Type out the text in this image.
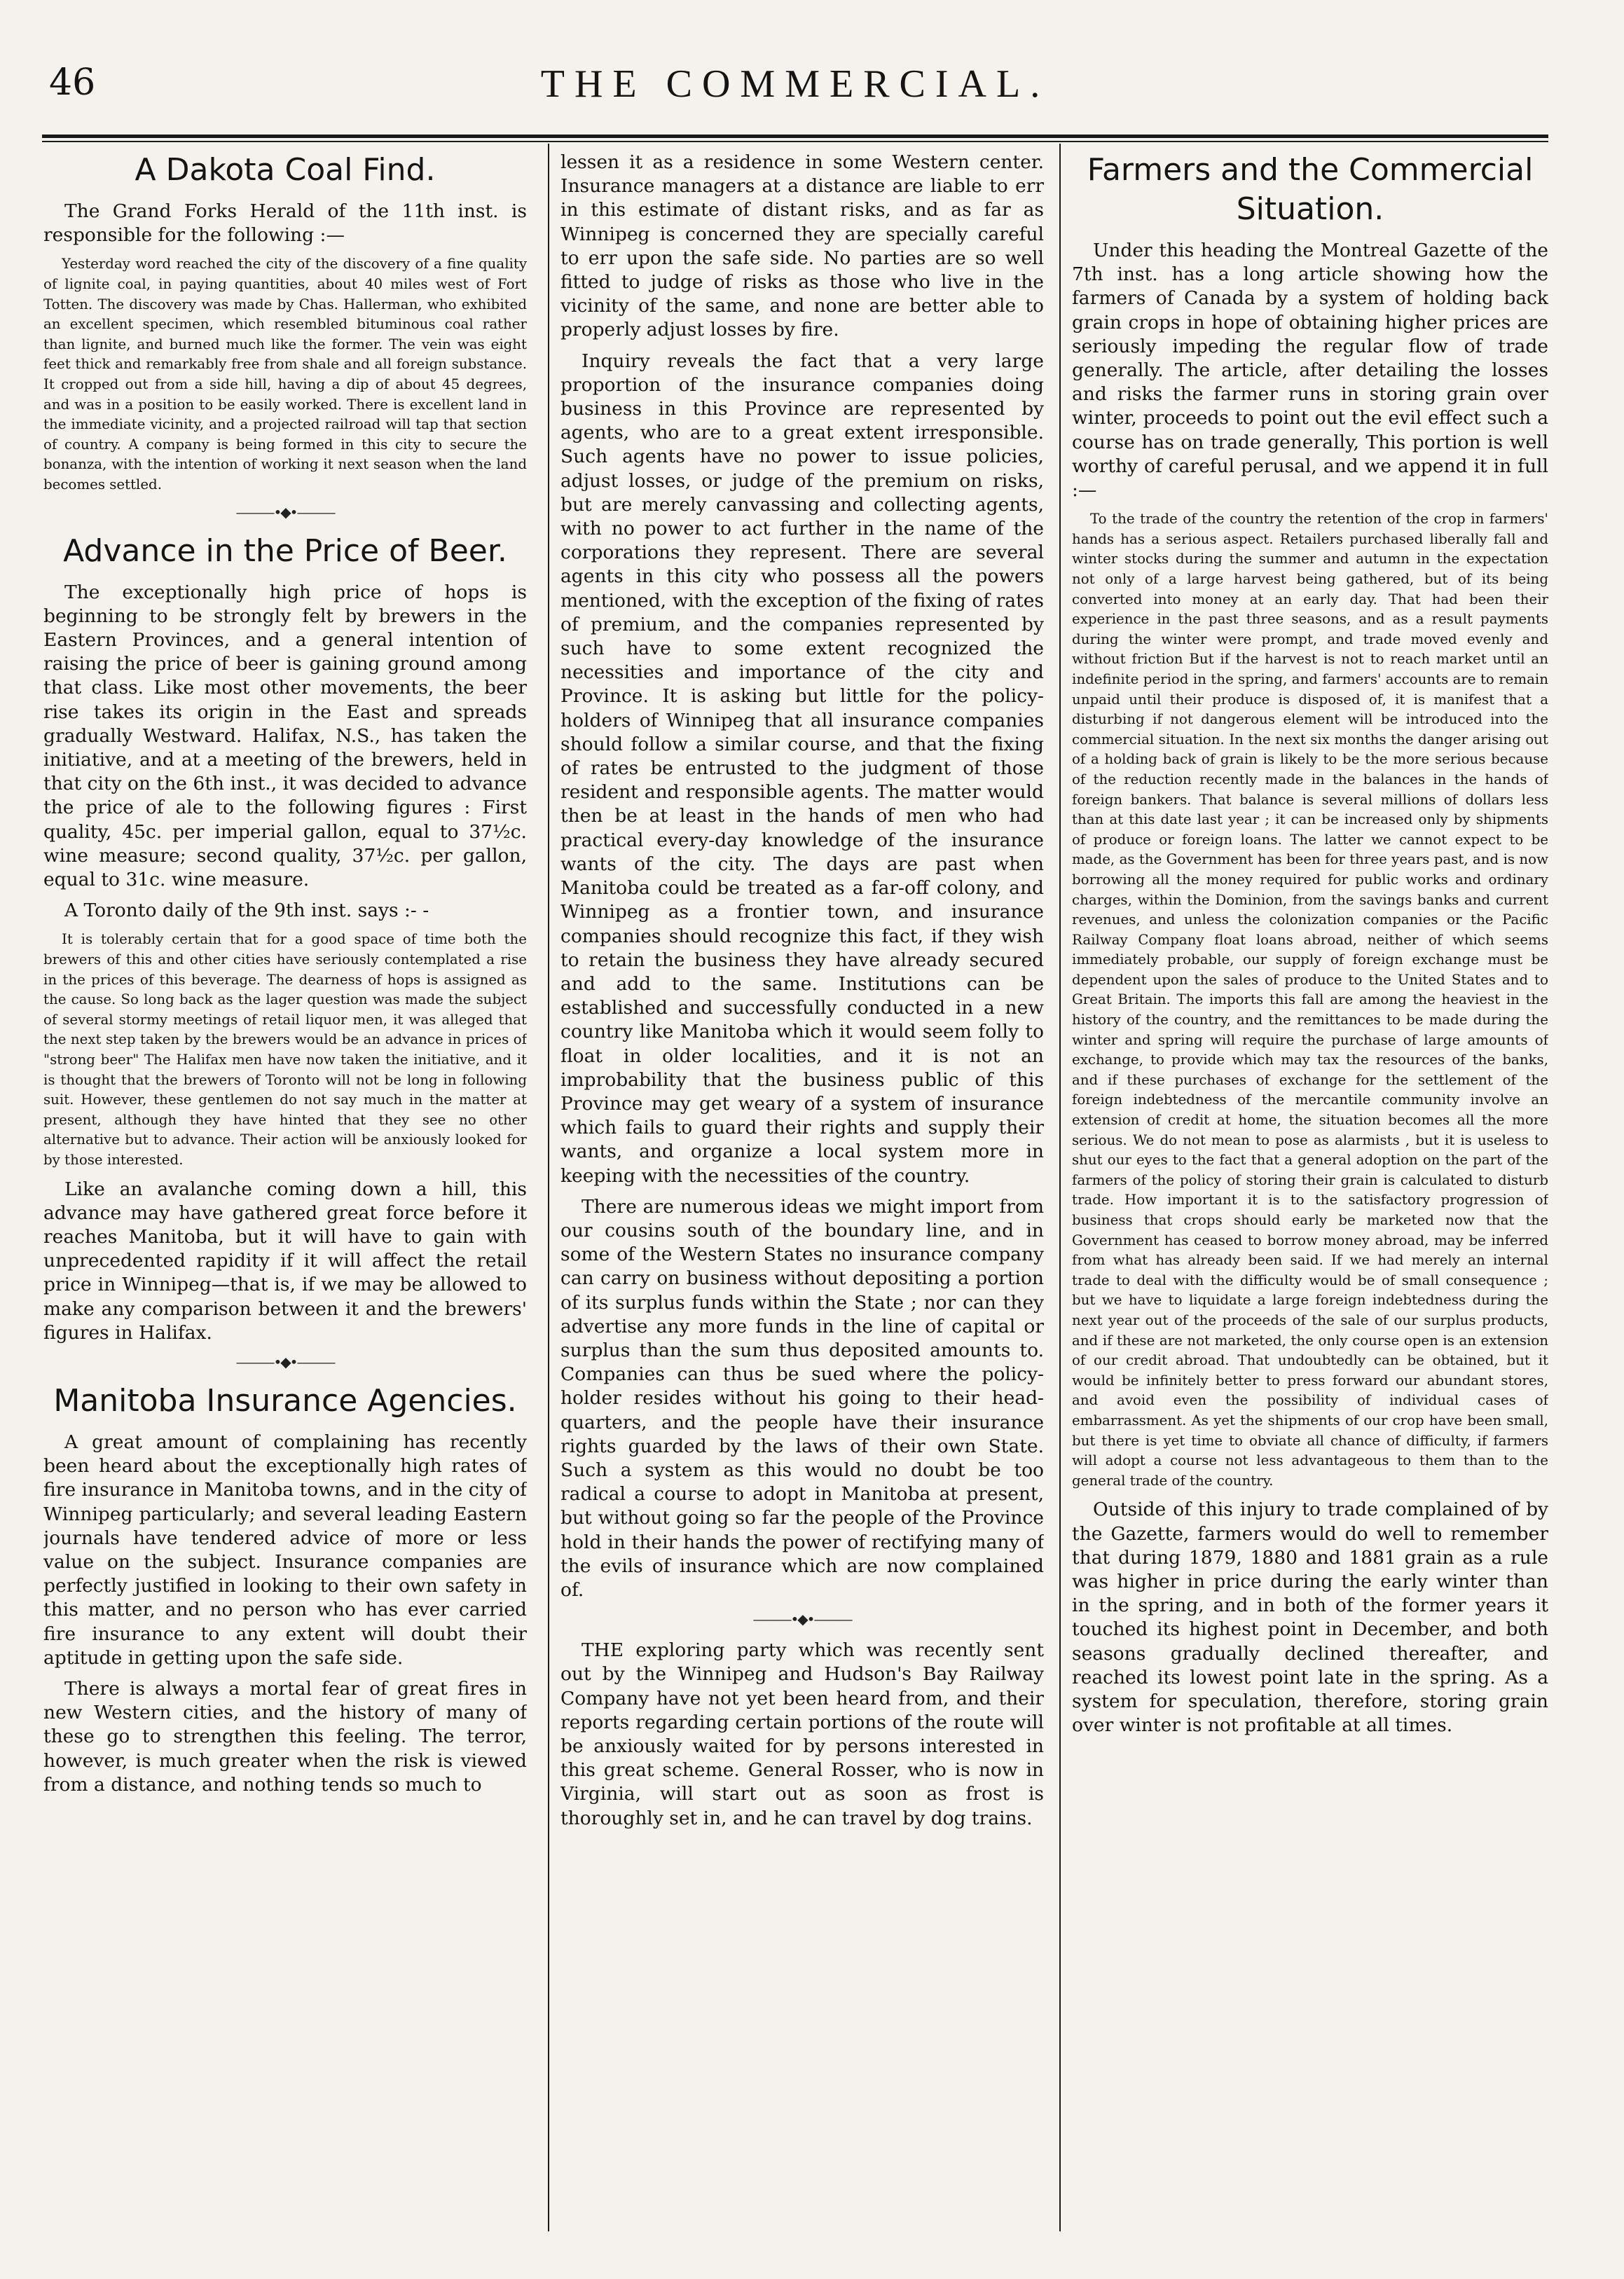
46	THE COMMERCIAL.
A Dakota Coal Find.

The Grand Forks Herald of the 11th inst. is responsible for the following :—

Yesterday word reached the city of the discovery of a fine quality of lignite coal, in paying quantities, about 40 miles west of Fort Totten. The discovery was made by Chas. Hallerman, who exhibited an excellent specimen, which resembled bituminous coal rather than lignite, and burned much like the former. The vein was eight feet thick and remarkably free from shale and all foreign substance. It cropped out from a side hill, having a dip of about 45 degrees, and was in a position to be easily worked. There is excellent land in the immediate vicinity, and a projected railroad will tap that section of country. A company is being formed in this city to secure the bonanza, with the intention of working it next season when the land becomes settled.

———•◆•———
Advance in the Price of Beer.

The exceptionally high price of hops is beginning to be strongly felt by brewers in the Eastern Provinces, and a general intention of raising the price of beer is gaining ground among that class. Like most other movements, the beer rise takes its origin in the East and spreads gradually Westward. Halifax, N.S., has taken the initiative, and at a meeting of the brewers, held in that city on the 6th inst., it was decided to advance the price of ale to the following figures : First quality, 45c. per imperial gallon, equal to 37½c. wine measure; second quality, 37½c. per gallon, equal to 31c. wine measure.

A Toronto daily of the 9th inst. says :- -

It is tolerably certain that for a good space of time both the brewers of this and other cities have seriously contemplated a rise in the prices of this beverage. The dearness of hops is assigned as the cause. So long back as the lager question was made the subject of several stormy meetings of retail liquor men, it was alleged that the next step taken by the brewers would be an advance in prices of "strong beer" The Halifax men have now taken the initiative, and it is thought that the brewers of Toronto will not be long in following suit. However, these gentlemen do not say much in the matter at present, although they have hinted that they see no other alternative but to advance. Their action will be anxiously looked for by those interested.

Like an avalanche coming down a hill, this advance may have gathered great force before it reaches Manitoba, but it will have to gain with unprecedented rapidity if it will affect the retail price in Winnipeg—that is, if we may be allowed to make any comparison between it and the brewers' figures in Halifax.

———•◆•———
Manitoba Insurance Agencies.

A great amount of complaining has recently been heard about the exceptionally high rates of fire insurance in Manitoba towns, and in the city of Winnipeg particularly; and several leading Eastern journals have tendered advice of more or less value on the subject. Insurance companies are perfectly justified in looking to their own safety in this matter, and no person who has ever carried fire insurance to any extent will doubt their aptitude in getting upon the safe side.

There is always a mortal fear of great fires in new Western cities, and the history of many of these go to strengthen this feeling. The terror, however, is much greater when the risk is viewed from a distance, and nothing tends so much to

lessen it as a residence in some Western center. Insurance managers at a distance are liable to err in this estimate of distant risks, and as far as Winnipeg is concerned they are specially careful to err upon the safe side. No parties are so well fitted to judge of risks as those who live in the vicinity of the same, and none are better able to properly adjust losses by fire.

Inquiry reveals the fact that a very large proportion of the insurance companies doing business in this Province are represented by agents, who are to a great extent irresponsible. Such agents have no power to issue policies, adjust losses, or judge of the premium on risks, but are merely canvassing and collecting agents, with no power to act further in the name of the corporations they represent. There are several agents in this city who possess all the powers mentioned, with the exception of the fixing of rates of premium, and the companies represented by such have to some extent recognized the necessities and importance of the city and Province. It is asking but little for the policy-holders of Winnipeg that all insurance companies should follow a similar course, and that the fixing of rates be entrusted to the judgment of those resident and responsible agents. The matter would then be at least in the hands of men who had practical every-day knowledge of the insurance wants of the city. The days are past when Manitoba could be treated as a far-off colony, and Winnipeg as a frontier town, and insurance companies should recognize this fact, if they wish to retain the business they have already secured and add to the same. Institutions can be established and successfully conducted in a new country like Manitoba which it would seem folly to float in older localities, and it is not an improbability that the business public of this Province may get weary of a system of insurance which fails to guard their rights and supply their wants, and organize a local system more in keeping with the necessities of the country.

There are numerous ideas we might import from our cousins south of the boundary line, and in some of the Western States no insurance company can carry on business without depositing a portion of its surplus funds within the State ; nor can they advertise any more funds in the line of capital or surplus than the sum thus deposited amounts to. Companies can thus be sued where the policy-holder resides without his going to their head-quarters, and the people have their insurance rights guarded by the laws of their own State. Such a system as this would no doubt be too radical a course to adopt in Manitoba at present, but without going so far the people of the Province hold in their hands the power of rectifying many of the evils of insurance which are now complained of.

———•◆•———

THE exploring party which was recently sent out by the Winnipeg and Hudson's Bay Railway Company have not yet been heard from, and their reports regarding certain portions of the route will be anxiously waited for by persons interested in this great scheme. General Rosser, who is now in Virginia, will start out as soon as frost is thoroughly set in, and he can travel by dog trains.

Farmers and the Commercial Situation.

Under this heading the Montreal Gazette of the 7th inst. has a long article showing how the farmers of Canada by a system of holding back grain crops in hope of obtaining higher prices are seriously impeding the regular flow of trade generally. The article, after detailing the losses and risks the farmer runs in storing grain over winter, proceeds to point out the evil effect such a course has on trade generally, This portion is well worthy of careful perusal, and we append it in full :—

To the trade of the country the retention of the crop in farmers' hands has a serious aspect. Retailers purchased liberally fall and winter stocks during the summer and autumn in the expectation not only of a large harvest being gathered, but of its being converted into money at an early day. That had been their experience in the past three seasons, and as a result payments during the winter were prompt, and trade moved evenly and without friction But if the harvest is not to reach market until an indefinite period in the spring, and farmers' accounts are to remain unpaid until their produce is disposed of, it is manifest that a disturbing if not dangerous element will be introduced into the commercial situation. In the next six months the danger arising out of a holding back of grain is likely to be the more serious because of the reduction recently made in the balances in the hands of foreign bankers. That balance is several millions of dollars less than at this date last year ; it can be increased only by shipments of produce or foreign loans. The latter we cannot expect to be made, as the Government has been for three years past, and is now borrowing all the money required for public works and ordinary charges, within the Dominion, from the savings banks and current revenues, and unless the colonization companies or the Pacific Railway Company float loans abroad, neither of which seems immediately probable, our supply of foreign exchange must be dependent upon the sales of produce to the United States and to Great Britain. The imports this fall are among the heaviest in the history of the country, and the remittances to be made during the winter and spring will require the purchase of large amounts of exchange, to provide which may tax the resources of the banks, and if these purchases of exchange for the settlement of the foreign indebtedness of the mercantile community involve an extension of credit at home, the situation becomes all the more serious. We do not mean to pose as alarmists , but it is useless to shut our eyes to the fact that a general adoption on the part of the farmers of the policy of storing their grain is calculated to disturb trade. How important it is to the satisfactory progression of business that crops should early be marketed now that the Government has ceased to borrow money abroad, may be inferred from what has already been said. If we had merely an internal trade to deal with the difficulty would be of small consequence ; but we have to liquidate a large foreign indebtedness during the next year out of the proceeds of the sale of our surplus products, and if these are not marketed, the only course open is an extension of our credit abroad. That undoubtedly can be obtained, but it would be infinitely better to press forward our abundant stores, and avoid even the possibility of individual cases of embarrassment. As yet the shipments of our crop have been small, but there is yet time to obviate all chance of difficulty, if farmers will adopt a course not less advantageous to them than to the general trade of the country.

Outside of this injury to trade complained of by the Gazette, farmers would do well to remember that during 1879, 1880 and 1881 grain as a rule was higher in price during the early winter than in the spring, and in both of the former years it touched its highest point in December, and both seasons gradually declined thereafter, and reached its lowest point late in the spring. As a system for speculation, therefore, storing grain over winter is not profitable at all times.
